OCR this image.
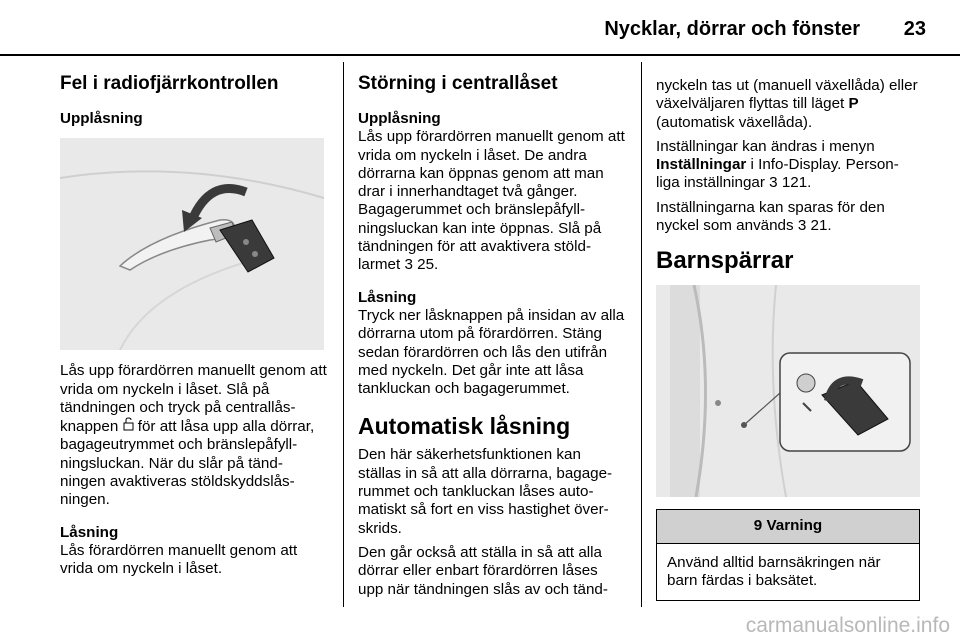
Nycklar, dörrar och fönster	23
Fel i radiofjärrkontrollen
Upplåsning

Lås upp förardörren manuellt genom att vrida om nyckeln i låset. Slå på tändningen och tryck på centrallås-knappen för att låsa upp alla dörrar, bagageutrymmet och bränslepåfyll-ningsluckan. När du slår på tänd-ningen avaktiveras stöldskyddslås-ningen.

Låsning

Lås förardörren manuellt genom att vrida om nyckeln i låset.

Störning i centrallåset
Upplåsning

Lås upp förardörren manuellt genom att vrida om nyckeln i låset. De andra dörrarna kan öppnas genom att man drar i innerhandtaget två gånger. Bagagerummet och bränslepåfyll-ningsluckan kan inte öppnas. Slå på tändningen för att avaktivera stöld-larmet 3 25.

Låsning

Tryck ner låsknappen på insidan av alla dörrarna utom på förardörren. Stäng sedan förardörren och lås den utifrån med nyckeln. Det går inte att låsa tankluckan och bagagerummet.

Automatisk låsning

Den här säkerhetsfunktionen kan ställas in så att alla dörrarna, bagage-rummet och tankluckan låses auto-matiskt så fort en viss hastighet över-skrids.

Den går också att ställa in så att alla dörrar eller enbart förardörren låses upp när tändningen slås av och tänd-

nyckeln tas ut (manuell växellåda) eller växelväljaren flyttas till läget P (automatisk växellåda).

Inställningar kan ändras i menyn Inställningar i Info-Display. Person-liga inställningar 3 121.

Inställningarna kan sparas för den nyckel som används 3 21.

Barnspärrar
9 Varning
Använd alltid barnsäkringen när barn färdas i baksätet.
carmanualsonline.info
